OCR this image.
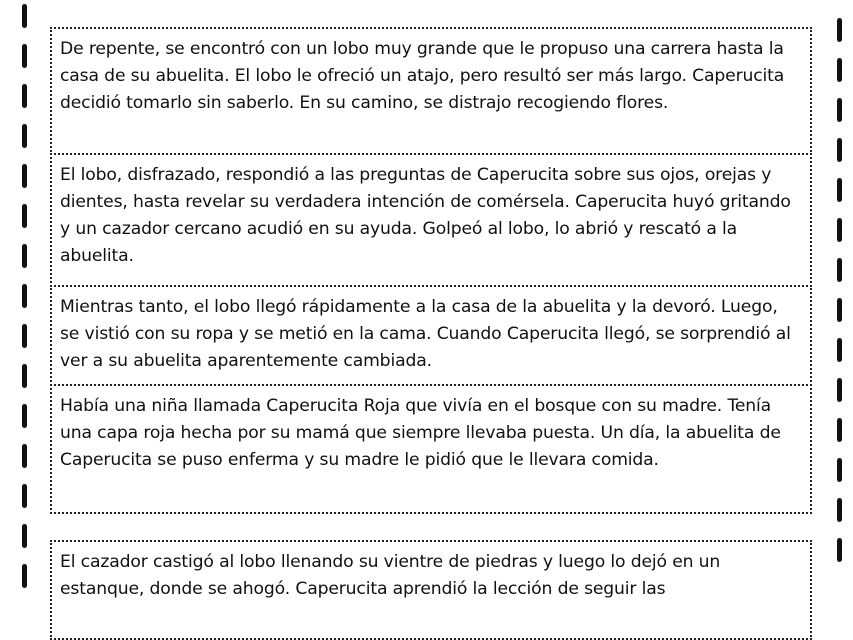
De repente, se encontró con un lobo muy grande que le propuso una carrera hasta la casa de su abuelita. El lobo le ofreció un atajo, pero resultó ser más largo. Caperucita decidió tomarlo sin saberlo. En su camino, se distrajo recogiendo flores.
El lobo, disfrazado, respondió a las preguntas de Caperucita sobre sus ojos, orejas y dientes, hasta revelar su verdadera intención de comérsela. Caperucita huyó gritando y un cazador cercano acudió en su ayuda. Golpeó al lobo, lo abrió y rescató a la abuelita.
Mientras tanto, el lobo llegó rápidamente a la casa de la abuelita y la devoró. Luego, se vistió con su ropa y se metió en la cama. Cuando Caperucita llegó, se sorprendió al ver a su abuelita aparentemente cambiada.
Había una niña llamada Caperucita Roja que vivía en el bosque con su madre. Tenía una capa roja hecha por su mamá que siempre llevaba puesta. Un día, la abuelita de Caperucita se puso enferma y su madre le pidió que le llevara comida.
El cazador castigó al lobo llenando su vientre de piedras y luego lo dejó en un estanque, donde se ahogó. Caperucita aprendió la lección de seguir las
